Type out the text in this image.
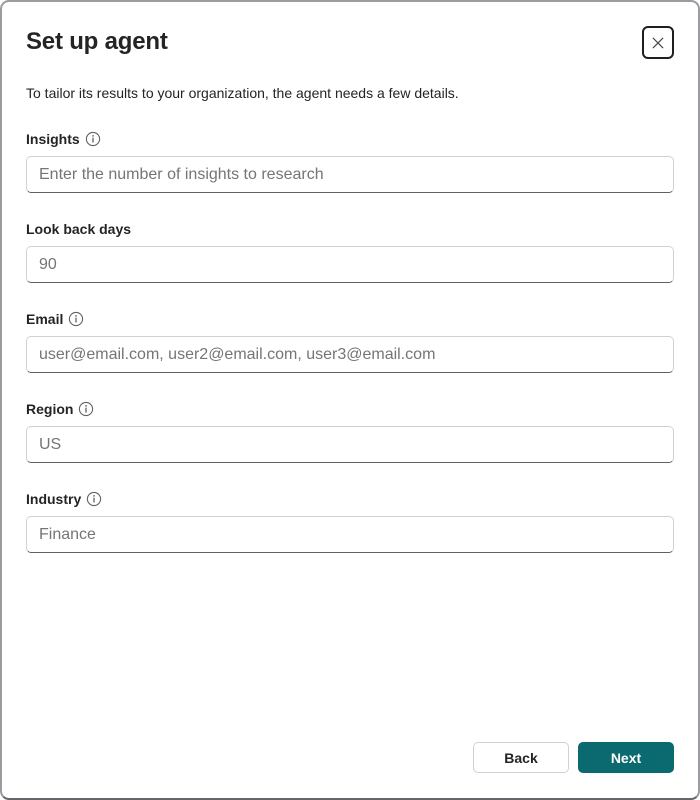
Set up agent
To tailor its results to your organization, the agent needs a few details.
Insights
Enter the number of insights to research
Look back days
90
Email
user@email.com, user2@email.com, user3@email.com
Region
US
Industry
Finance
Back	Next
